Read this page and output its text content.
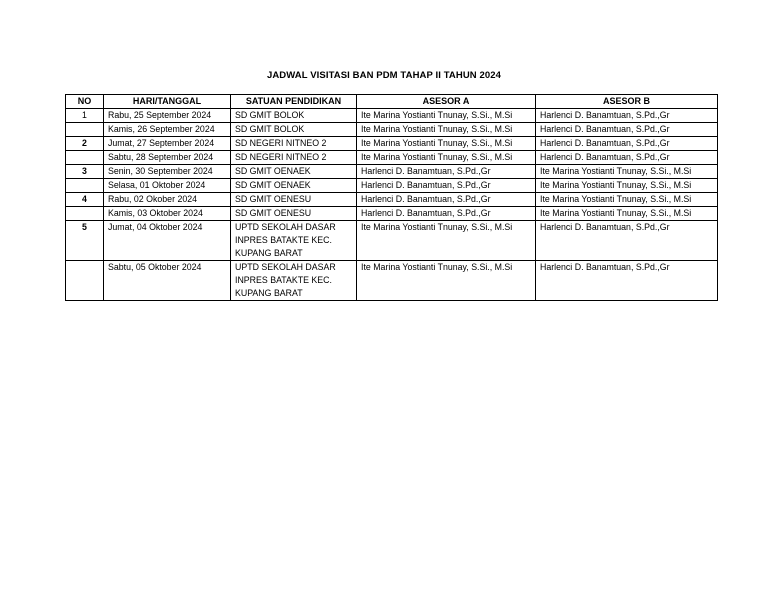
JADWAL VISITASI BAN PDM TAHAP II TAHUN 2024
NO	HARI/TANGGAL	SATUAN PENDIDIKAN	ASESOR A	ASESOR B
1	Rabu, 25 September 2024	SD GMIT BOLOK	Ite Marina Yostianti Tnunay, S.Si., M.Si	Harlenci D. Banamtuan, S.Pd.,Gr
	Kamis, 26 September 2024	SD GMIT BOLOK	Ite Marina Yostianti Tnunay, S.Si., M.Si	Harlenci D. Banamtuan, S.Pd.,Gr
2	Jumat, 27 September 2024	SD NEGERI NITNEO 2	Ite Marina Yostianti Tnunay, S.Si., M.Si	Harlenci D. Banamtuan, S.Pd.,Gr
	Sabtu, 28 September 2024	SD NEGERI NITNEO 2	Ite Marina Yostianti Tnunay, S.Si., M.Si	Harlenci D. Banamtuan, S.Pd.,Gr
3	Senin, 30 September 2024	SD GMIT OENAEK	Harlenci D. Banamtuan, S.Pd.,Gr	Ite Marina Yostianti Tnunay, S.Si., M.Si
	Selasa, 01 Oktober 2024	SD GMIT OENAEK	Harlenci D. Banamtuan, S.Pd.,Gr	Ite Marina Yostianti Tnunay, S.Si., M.Si
4	Rabu, 02 Okober 2024	SD GMIT OENESU	Harlenci D. Banamtuan, S.Pd.,Gr	Ite Marina Yostianti Tnunay, S.Si., M.Si
	Kamis, 03 Oktober 2024	SD GMIT OENESU	Harlenci D. Banamtuan, S.Pd.,Gr	Ite Marina Yostianti Tnunay, S.Si., M.Si
5	Jumat, 04 Oktober 2024	UPTD SEKOLAH DASAR INPRES BATAKTE KEC. KUPANG BARAT	Ite Marina Yostianti Tnunay, S.Si., M.Si	Harlenci D. Banamtuan, S.Pd.,Gr
	Sabtu, 05 Oktober 2024	UPTD SEKOLAH DASAR INPRES BATAKTE KEC. KUPANG BARAT	Ite Marina Yostianti Tnunay, S.Si., M.Si	Harlenci D. Banamtuan, S.Pd.,Gr
